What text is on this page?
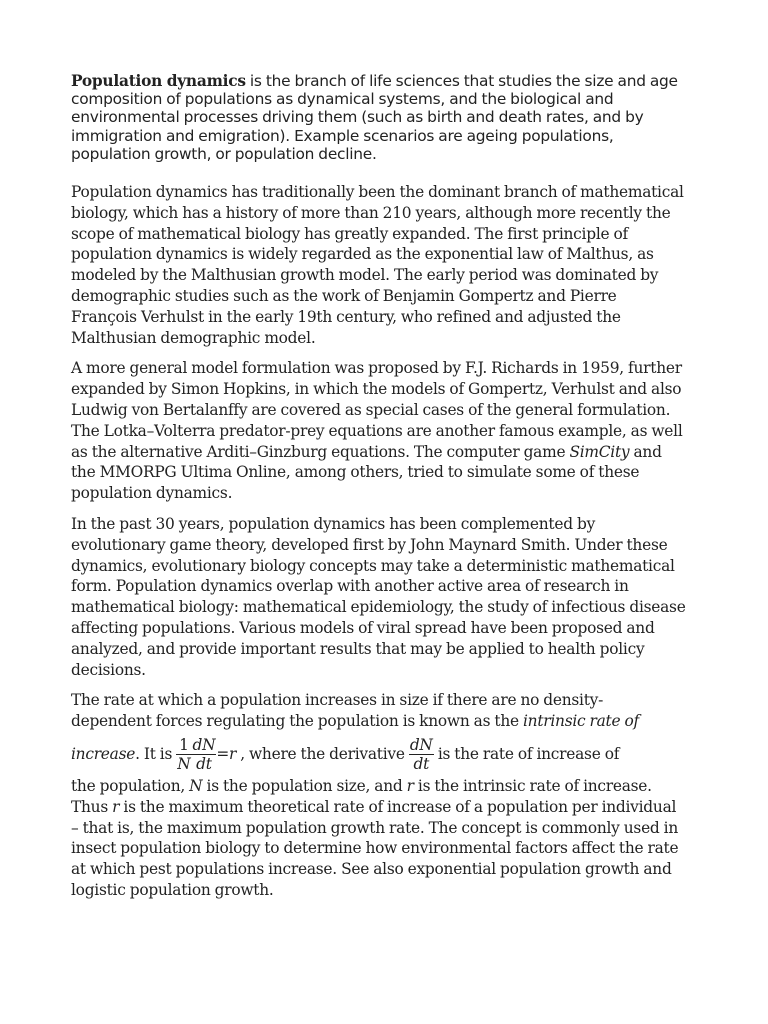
Population dynamics is the branch of life sciences that studies the size and age
composition of populations as dynamical systems, and the biological and
environmental processes driving them (such as birth and death rates, and by
immigration and emigration). Example scenarios are ageing populations,
population growth, or population decline.

Population dynamics has traditionally been the dominant branch of mathematical
biology, which has a history of more than 210 years, although more recently the
scope of mathematical biology has greatly expanded. The first principle of
population dynamics is widely regarded as the exponential law of Malthus, as
modeled by the Malthusian growth model. The early period was dominated by
demographic studies such as the work of Benjamin Gompertz and Pierre
François Verhulst in the early 19th century, who refined and adjusted the
Malthusian demographic model.

A more general model formulation was proposed by F.J. Richards in 1959, further
expanded by Simon Hopkins, in which the models of Gompertz, Verhulst and also
Ludwig von Bertalanffy are covered as special cases of the general formulation.
The Lotka–Volterra predator-prey equations are another famous example, as well
as the alternative Arditi–Ginzburg equations. The computer game SimCity and
the MMORPG Ultima Online, among others, tried to simulate some of these
population dynamics.

In the past 30 years, population dynamics has been complemented by
evolutionary game theory, developed first by John Maynard Smith. Under these
dynamics, evolutionary biology concepts may take a deterministic mathematical
form. Population dynamics overlap with another active area of research in
mathematical biology: mathematical epidemiology, the study of infectious disease
affecting populations. Various models of viral spread have been proposed and
analyzed, and provide important results that may be applied to health policy
decisions.

The rate at which a population increases in size if there are no density-
dependent forces regulating the population is known as the intrinsic rate of
increase. It is $\frac{1}{N} \frac{dN}{dt} =r$ , where the derivative $\frac{dN}{dt}$ is the rate of increase of
the population, N is the population size, and r is the intrinsic rate of increase.
Thus r is the maximum theoretical rate of increase of a population per individual
– that is, the maximum population growth rate. The concept is commonly used in
insect population biology to determine how environmental factors affect the rate
at which pest populations increase. See also exponential population growth and
logistic population growth.
